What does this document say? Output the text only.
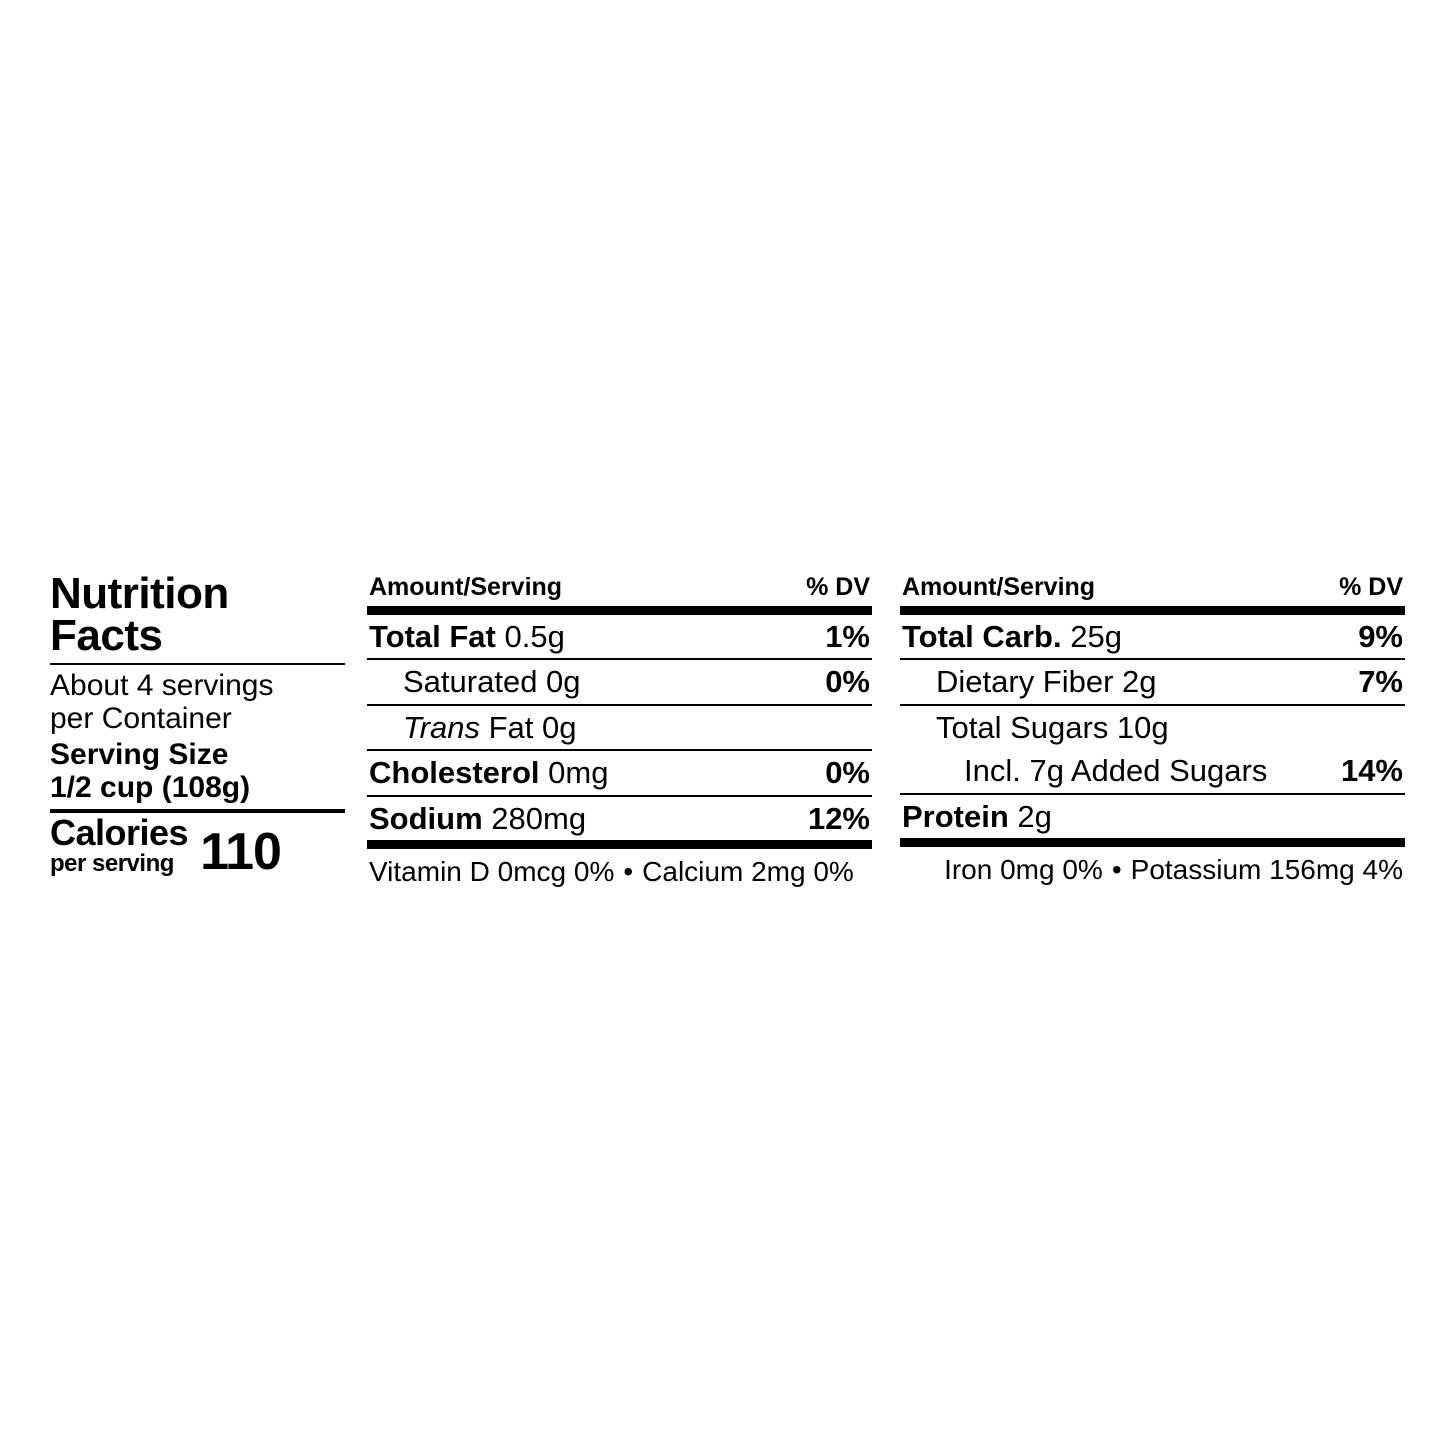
Nutrition
Facts
About 4 servings
per Container
Serving Size
1/2 cup (108g)
Calories
per serving 110
Amount/Serving	% DV
Total Fat 0.5g	1%
Saturated 0g	0%
Trans Fat 0g
Cholesterol 0mg	0%
Sodium 280mg	12%
Vitamin D 0mcg 0% • Calcium 2mg 0%
Amount/Serving	% DV
Total Carb. 25g	9%
Dietary Fiber 2g	7%
Total Sugars 10g
Incl. 7g Added Sugars 14%
Protein 2g
Iron 0mg 0% • Potassium 156mg 4%
